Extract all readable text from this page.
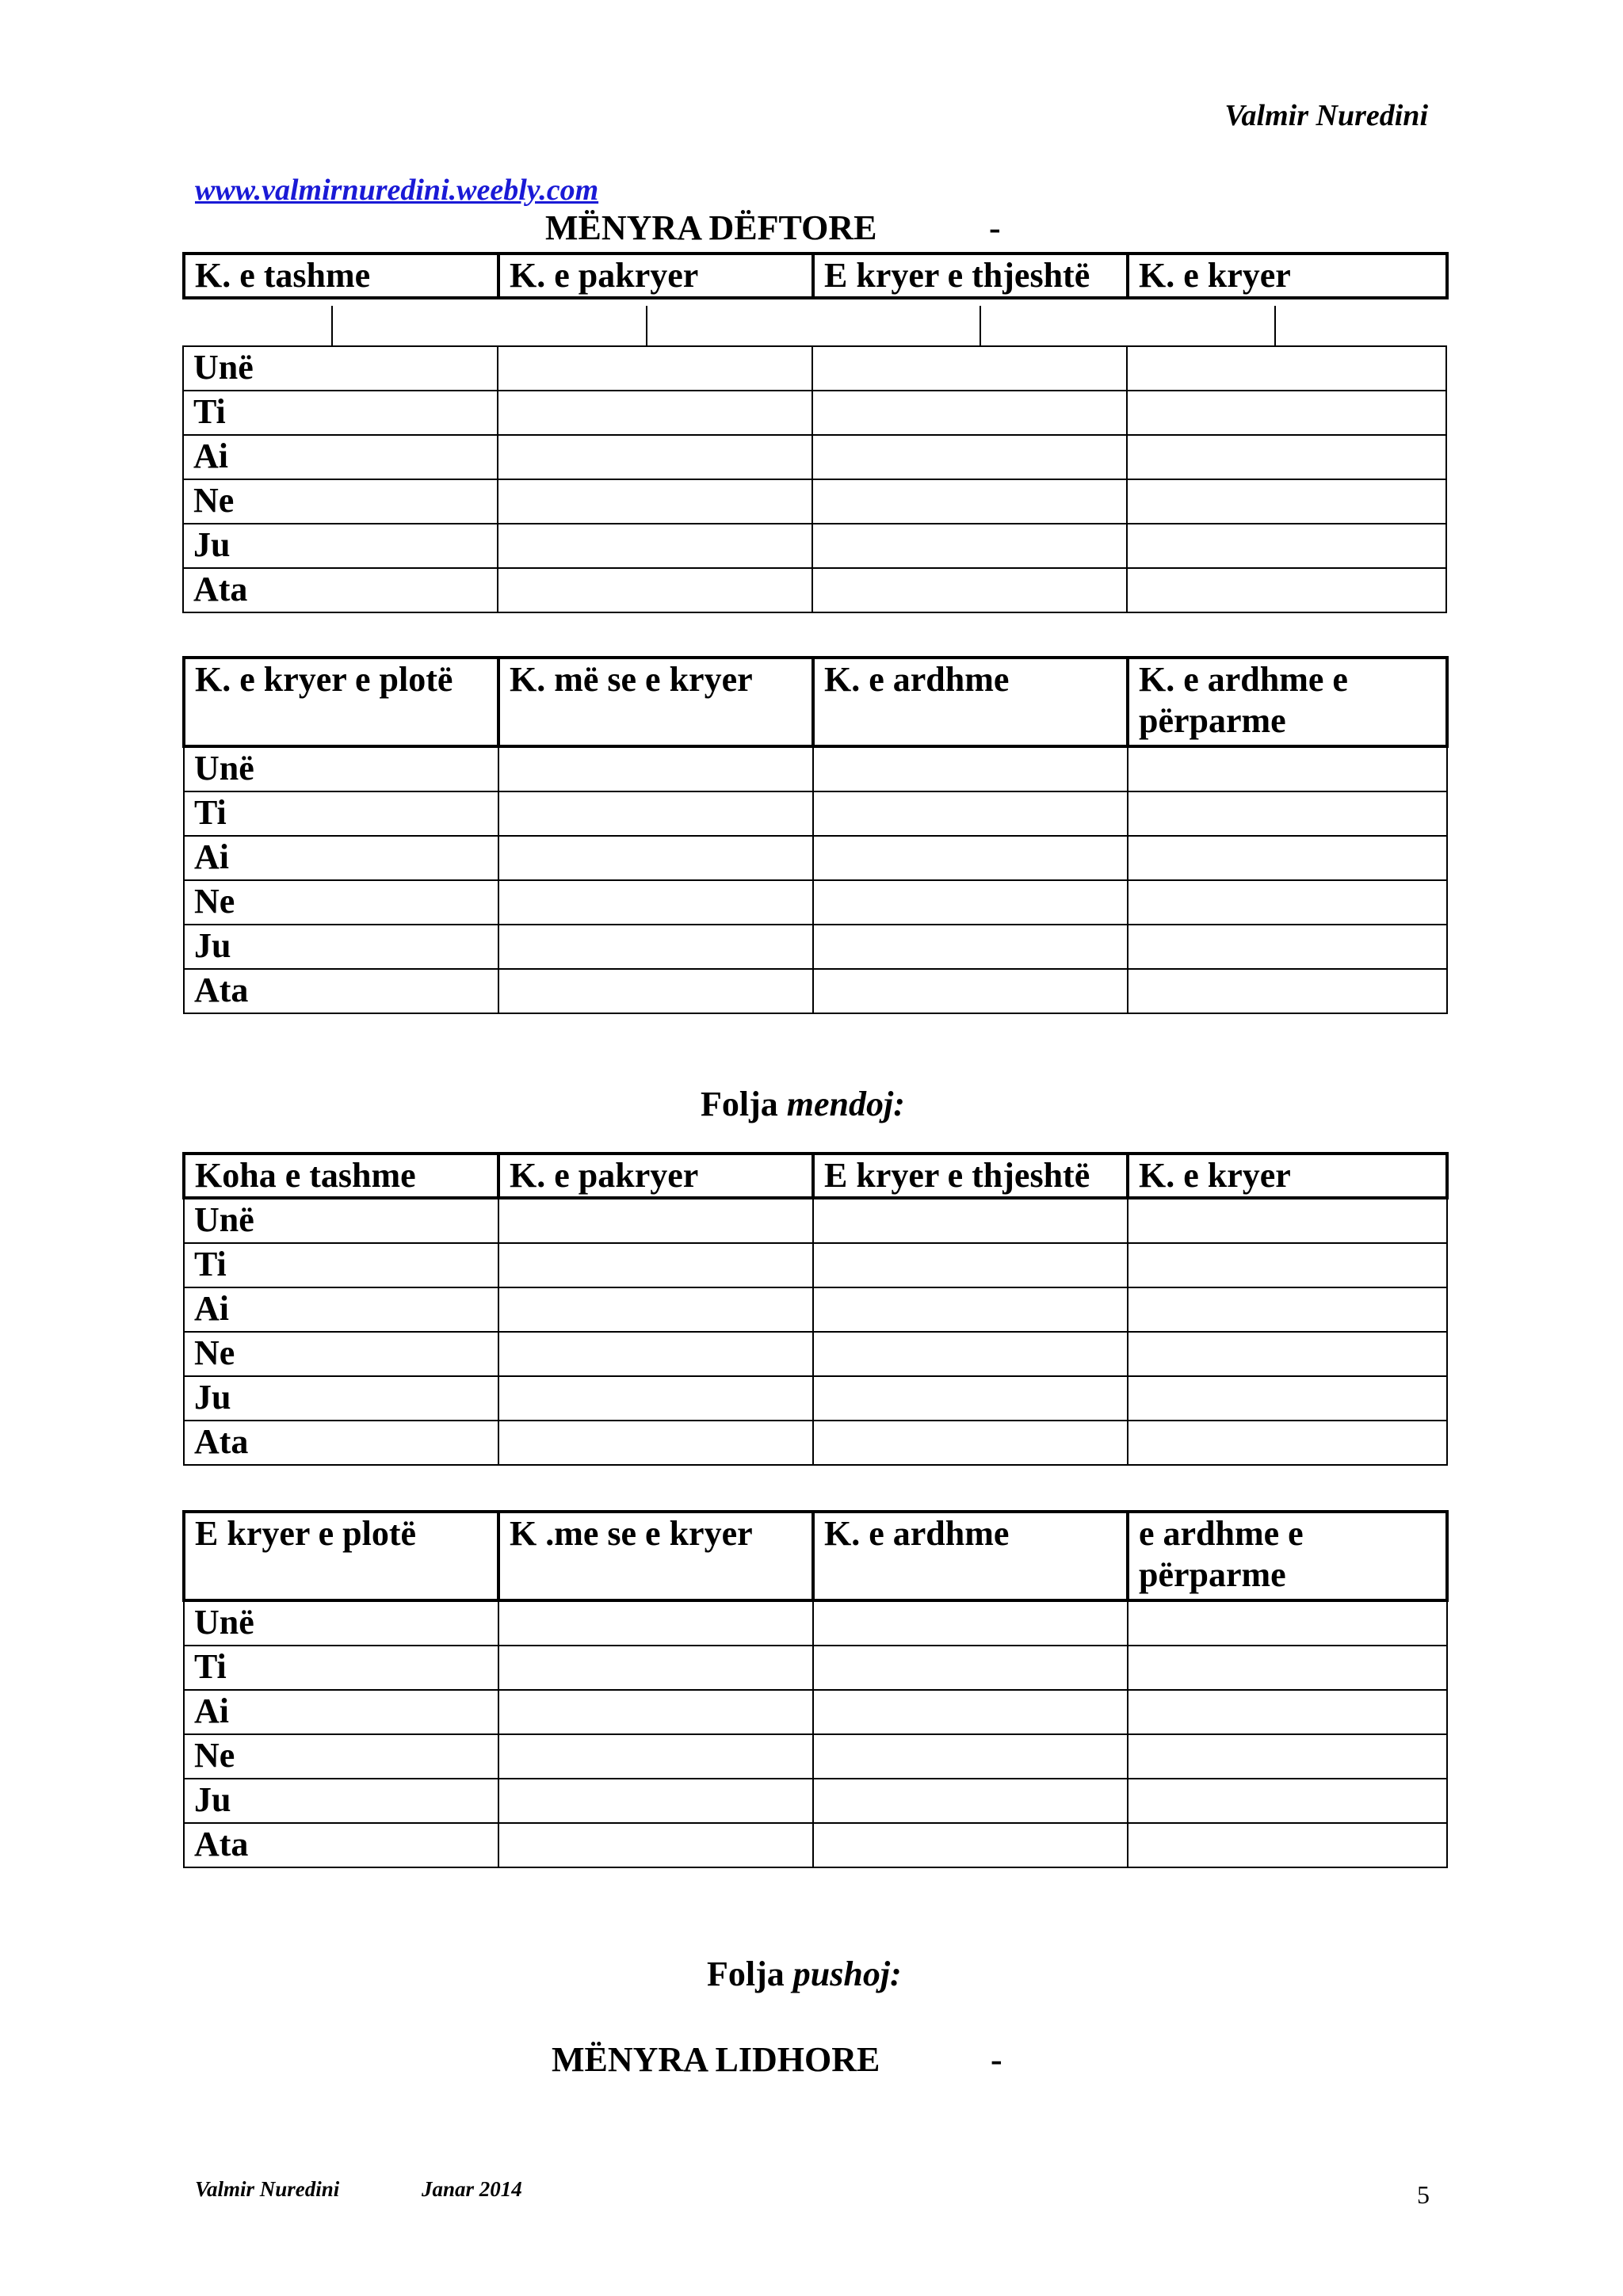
Valmir Nuredini
www.valmirnuredini.weebly.com
MËNYRA DËFTORE	-
K. e tashme	K. e pakryer	E kryer e thjeshtë	K. e kryer
Unë			
Ti			
Ai			
Ne			
Ju			
Ata			
K. e kryer e plotë	K. më se e kryer	K. e ardhme	K. e ardhme e përparme
Unë			
Ti			
Ai			
Ne			
Ju			
Ata			
Folja mendoj:
Koha e tashme	K. e pakryer	E kryer e thjeshtë	K. e kryer
Unë			
Ti			
Ai			
Ne			
Ju			
Ata			
E kryer e plotë	K .me se e kryer	K. e ardhme	e ardhme e përparme
Unë			
Ti			
Ai			
Ne			
Ju			
Ata			
Folja pushoj:
MËNYRA LIDHORE	-
Valmir Nuredini	Janar 2014	5
